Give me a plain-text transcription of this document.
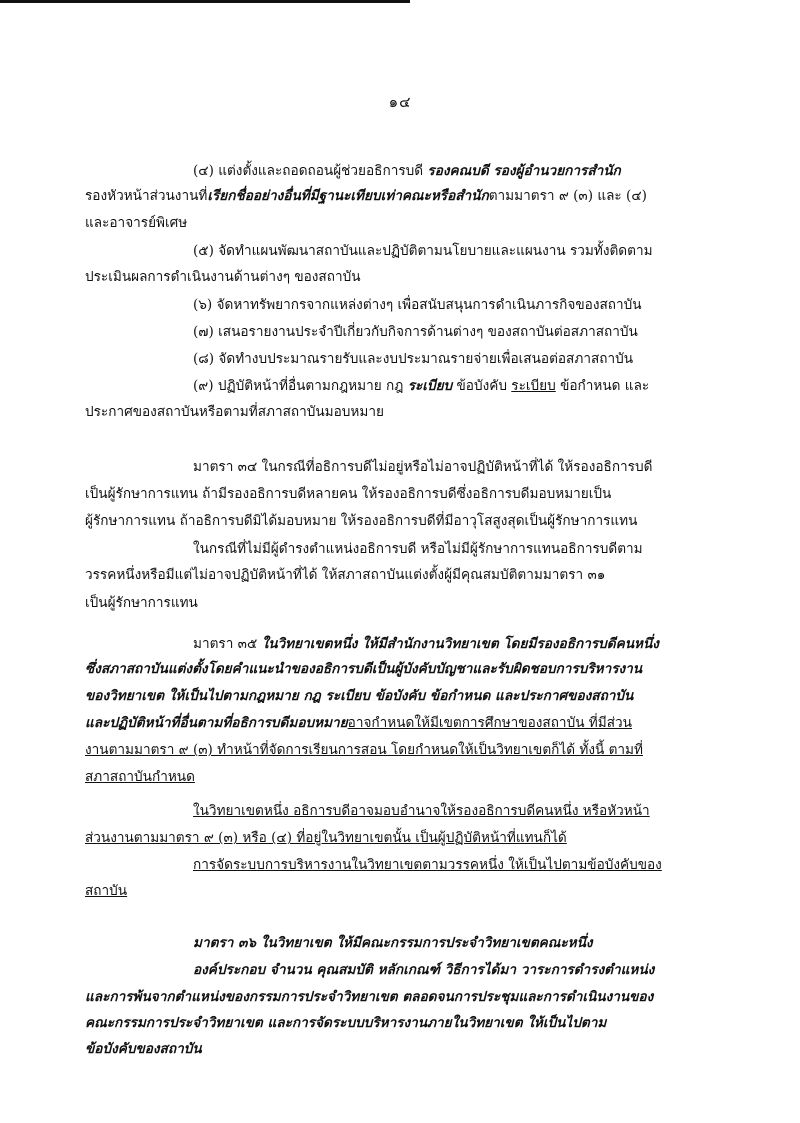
๑๔
(๔) แต่งตั้งและถอดถอนผู้ช่วยอธิการบดี รองคณบดี รองผู้อำนวยการสำนัก
รองหัวหน้าส่วนงานที่เรียกชื่ออย่างอื่นที่มีฐานะเทียบเท่าคณะหรือสำนักตามมาตรา ๙ (๓) และ (๔)
และอาจารย์พิเศษ
(๕) จัดทำแผนพัฒนาสถาบันและปฏิบัติตามนโยบายและแผนงาน รวมทั้งติดตาม
ประเมินผลการดำเนินงานด้านต่างๆ ของสถาบัน
(๖) จัดหาทรัพยากรจากแหล่งต่างๆ เพื่อสนับสนุนการดำเนินภารกิจของสถาบัน
(๗) เสนอรายงานประจำปีเกี่ยวกับกิจการด้านต่างๆ ของสถาบันต่อสภาสถาบัน
(๘) จัดทำงบประมาณรายรับและงบประมาณรายจ่ายเพื่อเสนอต่อสภาสถาบัน
(๙) ปฏิบัติหน้าที่อื่นตามกฎหมาย กฎ ระเบียบ ข้อบังคับ ระเบียบ ข้อกำหนด และ
ประกาศของสถาบันหรือตามที่สภาสถาบันมอบหมาย
มาตรา ๓๔ ในกรณีที่อธิการบดีไม่อยู่หรือไม่อาจปฏิบัติหน้าที่ได้ ให้รองอธิการบดี
เป็นผู้รักษาการแทน ถ้ามีรองอธิการบดีหลายคน ให้รองอธิการบดีซึ่งอธิการบดีมอบหมายเป็น
ผู้รักษาการแทน ถ้าอธิการบดีมิได้มอบหมาย ให้รองอธิการบดีที่มีอาวุโสสูงสุดเป็นผู้รักษาการแทน
ในกรณีที่ไม่มีผู้ดำรงตำแหน่งอธิการบดี หรือไม่มีผู้รักษาการแทนอธิการบดีตาม
วรรคหนึ่งหรือมีแต่ไม่อาจปฏิบัติหน้าที่ได้ ให้สภาสถาบันแต่งตั้งผู้มีคุณสมบัติตามมาตรา ๓๑
เป็นผู้รักษาการแทน
มาตรา ๓๕ ในวิทยาเขตหนึ่ง ให้มีสำนักงานวิทยาเขต โดยมีรองอธิการบดีคนหนึ่ง
ซึ่งสภาสถาบันแต่งตั้งโดยคำแนะนำของอธิการบดีเป็นผู้บังคับบัญชาและรับผิดชอบการบริหารงาน
ของวิทยาเขต ให้เป็นไปตามกฎหมาย กฎ ระเบียบ ข้อบังคับ ข้อกำหนด และประกาศของสถาบัน
และปฏิบัติหน้าที่อื่นตามที่อธิการบดีมอบหมายอาจกำหนดให้มีเขตการศึกษาของสถาบัน ที่มีส่วน
งานตามมาตรา ๙ (๓) ทำหน้าที่จัดการเรียนการสอน โดยกำหนดให้เป็นวิทยาเขตก็ได้ ทั้งนี้ ตามที่
สภาสถาบันกำหนด
ในวิทยาเขตหนึ่ง อธิการบดีอาจมอบอำนาจให้รองอธิการบดีคนหนึ่ง หรือหัวหน้า
ส่วนงานตามมาตรา ๙ (๓) หรือ (๔) ที่อยู่ในวิทยาเขตนั้น เป็นผู้ปฏิบัติหน้าที่แทนก็ได้
การจัดระบบการบริหารงานในวิทยาเขตตามวรรคหนึ่ง ให้เป็นไปตามข้อบังคับของ
สถาบัน
มาตรา ๓๖ ในวิทยาเขต ให้มีคณะกรรมการประจำวิทยาเขตคณะหนึ่ง
องค์ประกอบ จำนวน คุณสมบัติ หลักเกณฑ์ วิธีการได้มา วาระการดำรงตำแหน่ง
และการพ้นจากตำแหน่งของกรรมการประจำวิทยาเขต ตลอดจนการประชุมและการดำเนินงานของ
คณะกรรมการประจำวิทยาเขต และการจัดระบบบริหารงานภายในวิทยาเขต ให้เป็นไปตาม
ข้อบังคับของสถาบัน
